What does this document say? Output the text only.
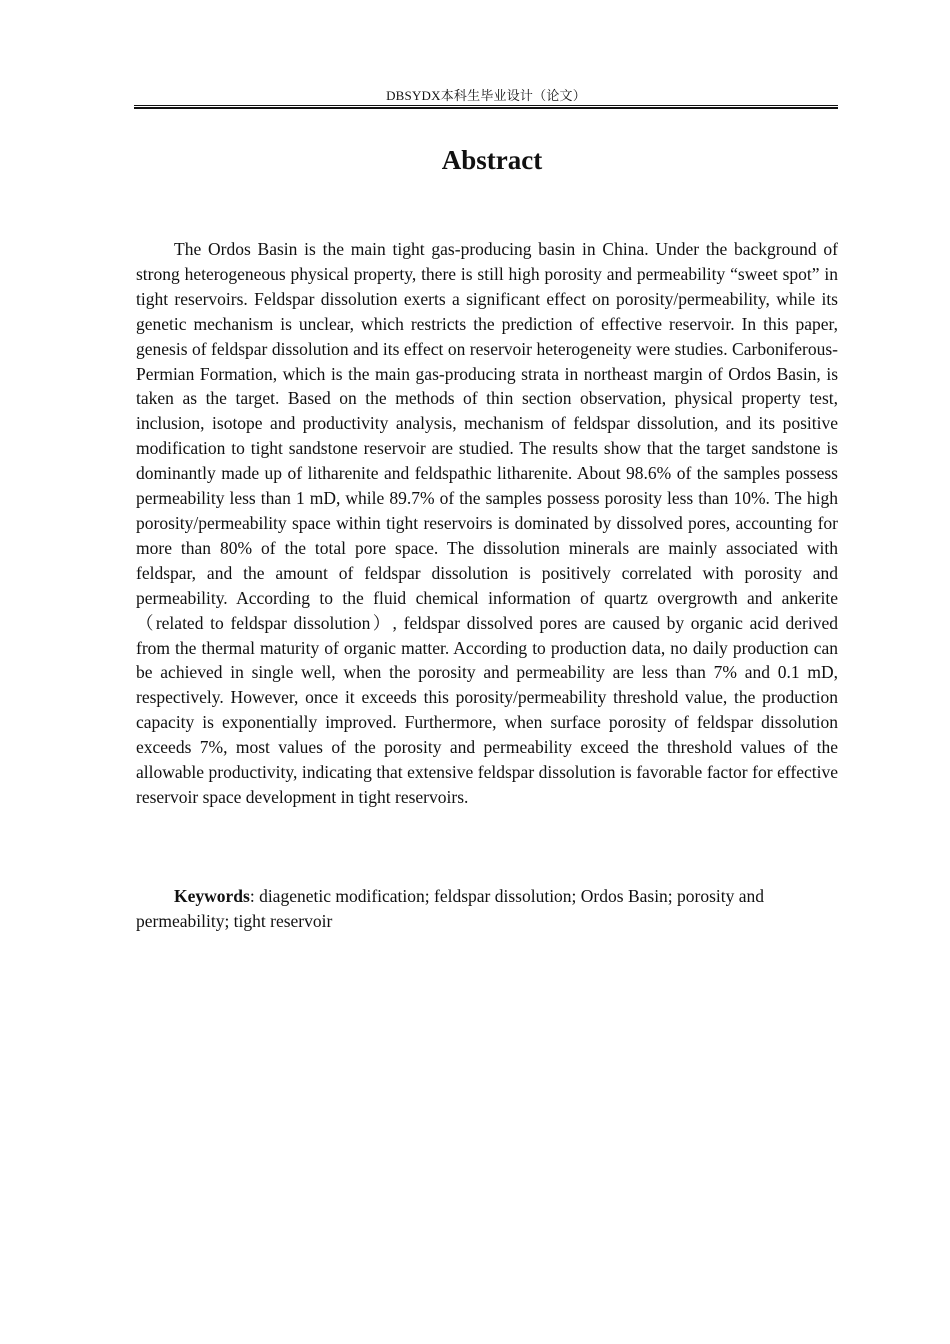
DBSYDX本科生毕业设计（论文）
Abstract

The Ordos Basin is the main tight gas-producing basin in China. Under the background of strong heterogeneous physical property, there is still high porosity and permeability “sweet spot” in tight reservoirs. Feldspar dissolution exerts a significant effect on porosity/permeability, while its genetic mechanism is unclear, which restricts the prediction of effective reservoir. In this paper, genesis of feldspar dissolution and its effect on reservoir heterogeneity were studies. Carboniferous-Permian Formation, which is the main gas-producing strata in northeast margin of Ordos Basin, is taken as the target. Based on the methods of thin section observation, physical property test, inclusion, isotope and productivity analysis, mechanism of feldspar dissolution, and its positive modification to tight sandstone reservoir are studied. The results show that the target sandstone is dominantly made up of litharenite and feldspathic litharenite. About 98.6% of the samples possess permeability less than 1 mD, while 89.7% of the samples possess porosity less than 10%. The high porosity/permeability space within tight reservoirs is dominated by dissolved pores, accounting for more than 80% of the total pore space. The dissolution minerals are mainly associated with feldspar, and the amount of feldspar dissolution is positively correlated with porosity and permeability. According to the fluid chemical information of quartz overgrowth and ankerite （related to feldspar dissolution）, feldspar dissolved pores are caused by organic acid derived from the thermal maturity of organic matter. According to production data, no daily production can be achieved in single well, when the porosity and permeability are less than 7% and 0.1 mD, respectively. However, once it exceeds this porosity/permeability threshold value, the production capacity is exponentially improved. Furthermore, when surface porosity of feldspar dissolution exceeds 7%, most values of the porosity and permeability exceed the threshold values of the allowable productivity, indicating that extensive feldspar dissolution is favorable factor for effective reservoir space development in tight reservoirs.

Keywords: diagenetic modification; feldspar dissolution; Ordos Basin; porosity and permeability; tight reservoir
